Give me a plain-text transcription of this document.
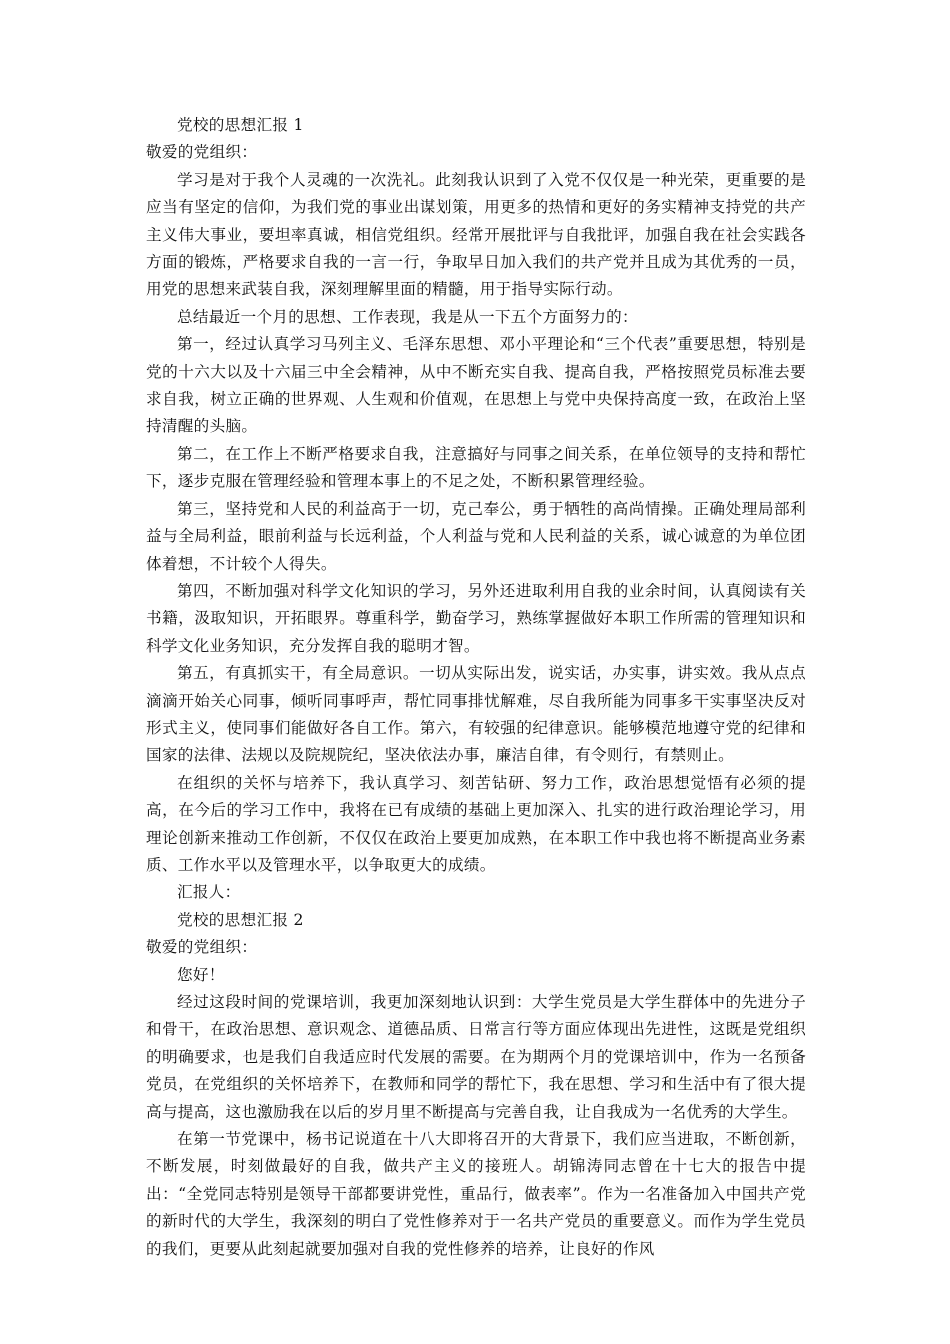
党校的思想汇报 1

敬爱的党组织：

学习是对于我个人灵魂的一次洗礼。此刻我认识到了入党不仅仅是一种光荣，更重要的是应当有坚定的信仰，为我们党的事业出谋划策，用更多的热情和更好的务实精神支持党的共产主义伟大事业，要坦率真诚，相信党组织。经常开展批评与自我批评，加强自我在社会实践各方面的锻炼，严格要求自我的一言一行，争取早日加入我们的共产党并且成为其优秀的一员，用党的思想来武装自我，深刻理解里面的精髓，用于指导实际行动。

总结最近一个月的思想、工作表现，我是从一下五个方面努力的：

第一，经过认真学习马列主义、毛泽东思想、邓小平理论和“三个代表”重要思想，特别是党的十六大以及十六届三中全会精神，从中不断充实自我、提高自我，严格按照党员标准去要求自我，树立正确的世界观、人生观和价值观，在思想上与党中央保持高度一致，在政治上坚持清醒的头脑。

第二，在工作上不断严格要求自我，注意搞好与同事之间关系，在单位领导的支持和帮忙下，逐步克服在管理经验和管理本事上的不足之处，不断积累管理经验。

第三，坚持党和人民的利益高于一切，克己奉公，勇于牺牲的高尚情操。正确处理局部利益与全局利益，眼前利益与长远利益，个人利益与党和人民利益的关系，诚心诚意的为单位团体着想，不计较个人得失。

第四，不断加强对科学文化知识的学习，另外还进取利用自我的业余时间，认真阅读有关书籍，汲取知识，开拓眼界。尊重科学，勤奋学习，熟练掌握做好本职工作所需的管理知识和科学文化业务知识，充分发挥自我的聪明才智。

第五，有真抓实干，有全局意识。一切从实际出发，说实话，办实事，讲实效。我从点点滴滴开始关心同事，倾听同事呼声，帮忙同事排忧解难，尽自我所能为同事多干实事坚决反对形式主义，使同事们能做好各自工作。第六，有较强的纪律意识。能够模范地遵守党的纪律和国家的法律、法规以及院规院纪，坚决依法办事，廉洁自律，有令则行，有禁则止。

在组织的关怀与培养下，我认真学习、刻苦钻研、努力工作，政治思想觉悟有必须的提高，在今后的学习工作中，我将在已有成绩的基础上更加深入、扎实的进行政治理论学习，用理论创新来推动工作创新，不仅仅在政治上要更加成熟，在本职工作中我也将不断提高业务素质、工作水平以及管理水平，以争取更大的成绩。

汇报人：

党校的思想汇报 2

敬爱的党组织：

您好！

经过这段时间的党课培训，我更加深刻地认识到：大学生党员是大学生群体中的先进分子和骨干，在政治思想、意识观念、道德品质、日常言行等方面应体现出先进性，这既是党组织的明确要求，也是我们自我适应时代发展的需要。在为期两个月的党课培训中，作为一名预备党员，在党组织的关怀培养下，在教师和同学的帮忙下，我在思想、学习和生活中有了很大提高与提高，这也激励我在以后的岁月里不断提高与完善自我，让自我成为一名优秀的大学生。

在第一节党课中，杨书记说道在十八大即将召开的大背景下，我们应当进取，不断创新，不断发展，时刻做最好的自我，做共产主义的接班人。胡锦涛同志曾在十七大的报告中提出：“全党同志特别是领导干部都要讲党性，重品行，做表率”。作为一名准备加入中国共产党的新时代的大学生，我深刻的明白了党性修养对于一名共产党员的重要意义。而作为学生党员的我们，更要从此刻起就要加强对自我的党性修养的培养，让良好的作风
